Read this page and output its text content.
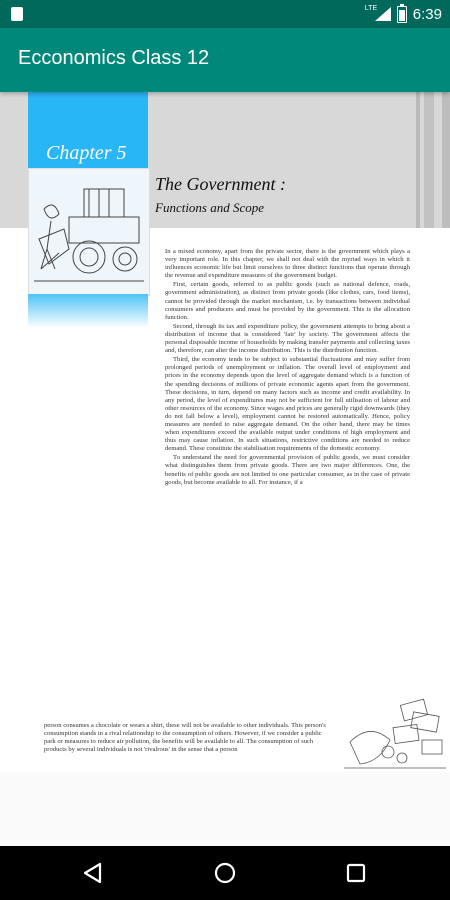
LTE 6:39
Ecconomics Class 12
Chapter 5
The Government :
Functions and Scope

In a mixed economy, apart from the private sector, there is the government which plays a very important role. In this chapter, we shall not deal with the myriad ways in which it influences economic life but limit ourselves to three distinct functions that operate through the revenue and expenditure measures of the government budget.

First, certain goods, referred to as public goods (such as national defence, roads, government administration), as distinct from private goods (like clothes, cars, food items), cannot be provided through the market mechanism, i.e. by transactions between individual consumers and producers and must be provided by the government. This is the allocation function.

Second, through its tax and expenditure policy, the government attempts to bring about a distribution of income that is considered 'fair' by society. The government affects the personal disposable income of households by making transfer payments and collecting taxes and, therefore, can alter the income distribution. This is the distribution function.

Third, the economy tends to be subject to substantial fluctuations and may suffer from prolonged periods of unemployment or inflation. The overall level of employment and prices in the economy depends upon the level of aggregate demand which is a function of the spending decisions of millions of private economic agents apart from the government. These decisions, in turn, depend on many factors such as income and credit availability. In any period, the level of expenditures may not be sufficient for full utilisation of labour and other resources of the economy. Since wages and prices are generally rigid downwards (they do not fall below a level), employment cannot be restored automatically. Hence, policy measures are needed to raise aggregate demand. On the other hand, there may be times when expenditures exceed the available output under conditions of high employment and thus may cause inflation. In such situations, restrictive conditions are needed to reduce demand. These constitute the stabilisation requirements of the domestic economy.

To understand the need for governmental provision of public goods, we must consider what distinguishes them from private goods. There are two major differences. One, the benefits of public goods are not limited to one particular consumer, as in the case of private goods, but become available to all. For instance, if a

person consumes a chocolate or wears a shirt, these will not be available to other individuals. This person's consumption stands in a rival relationship to the consumption of others. However, if we consider a public park or measures to reduce air pollution, the benefits will be available to all. The consumption of such products by several individuals is not 'rivalrous' in the sense that a person
